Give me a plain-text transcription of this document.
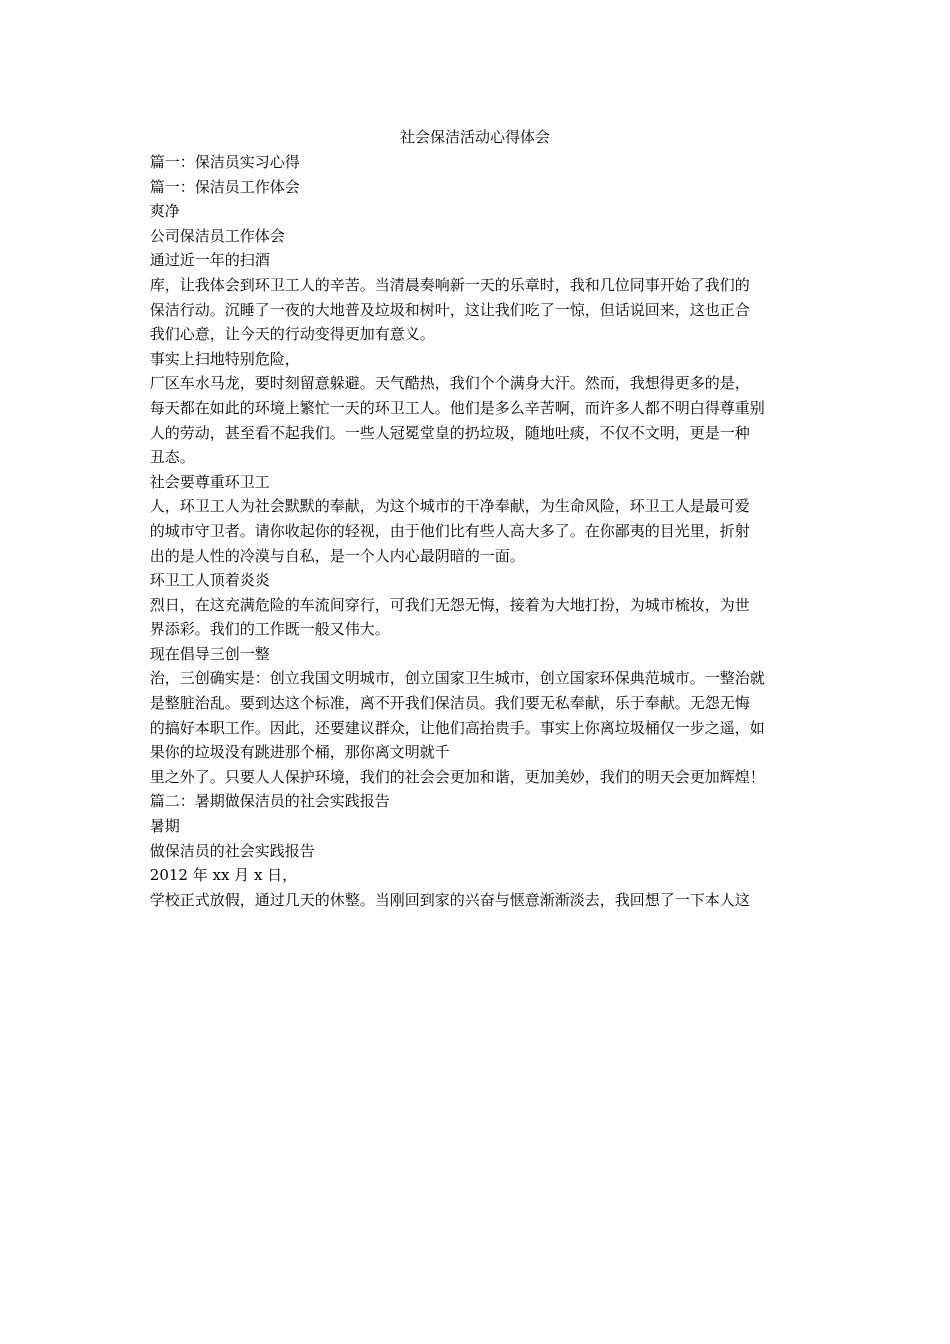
社会保洁活动心得体会
篇一：保洁员实习心得
篇一：保洁员工作体会
爽净
公司保洁员工作体会
通过近一年的扫酒
库，让我体会到环卫工人的辛苦。当清晨奏响新一天的乐章时，我和几位同事开始了我们的
保洁行动。沉睡了一夜的大地普及垃圾和树叶，这让我们吃了一惊，但话说回来，这也正合
我们心意，让今天的行动变得更加有意义。
事实上扫地特别危险，
厂区车水马龙，要时刻留意躲避。天气酷热，我们个个满身大汗。然而，我想得更多的是，
每天都在如此的环境上繁忙一天的环卫工人。他们是多么辛苦啊，而许多人都不明白得尊重别
人的劳动，甚至看不起我们。一些人冠冕堂皇的扔垃圾，随地吐痰，不仅不文明，更是一种
丑态。
社会要尊重环卫工
人，环卫工人为社会默默的奉献，为这个城市的干净奉献，为生命风险，环卫工人是最可爱
的城市守卫者。请你收起你的轻视，由于他们比有些人高大多了。在你鄙夷的目光里，折射
出的是人性的冷漠与自私，是一个人内心最阴暗的一面。
环卫工人顶着炎炎
烈日，在这充满危险的车流间穿行，可我们无怨无悔，接着为大地打扮，为城市梳妆，为世
界添彩。我们的工作既一般又伟大。
现在倡导三创一整
治，三创确实是：创立我国文明城市，创立国家卫生城市，创立国家环保典范城市。一整治就
是整脏治乱。要到达这个标准，离不开我们保洁员。我们要无私奉献，乐于奉献。无怨无悔
的搞好本职工作。因此，还要建议群众，让他们高抬贵手。事实上你离垃圾桶仅一步之遥，如
果你的垃圾没有跳进那个桶，那你离文明就千
里之外了。只要人人保护环境，我们的社会会更加和谐，更加美妙，我们的明天会更加辉煌！
篇二：暑期做保洁员的社会实践报告
暑期
做保洁员的社会实践报告
2012 年 xx 月 x 日，
学校正式放假，通过几天的休整。当刚回到家的兴奋与惬意渐渐淡去，我回想了一下本人这
